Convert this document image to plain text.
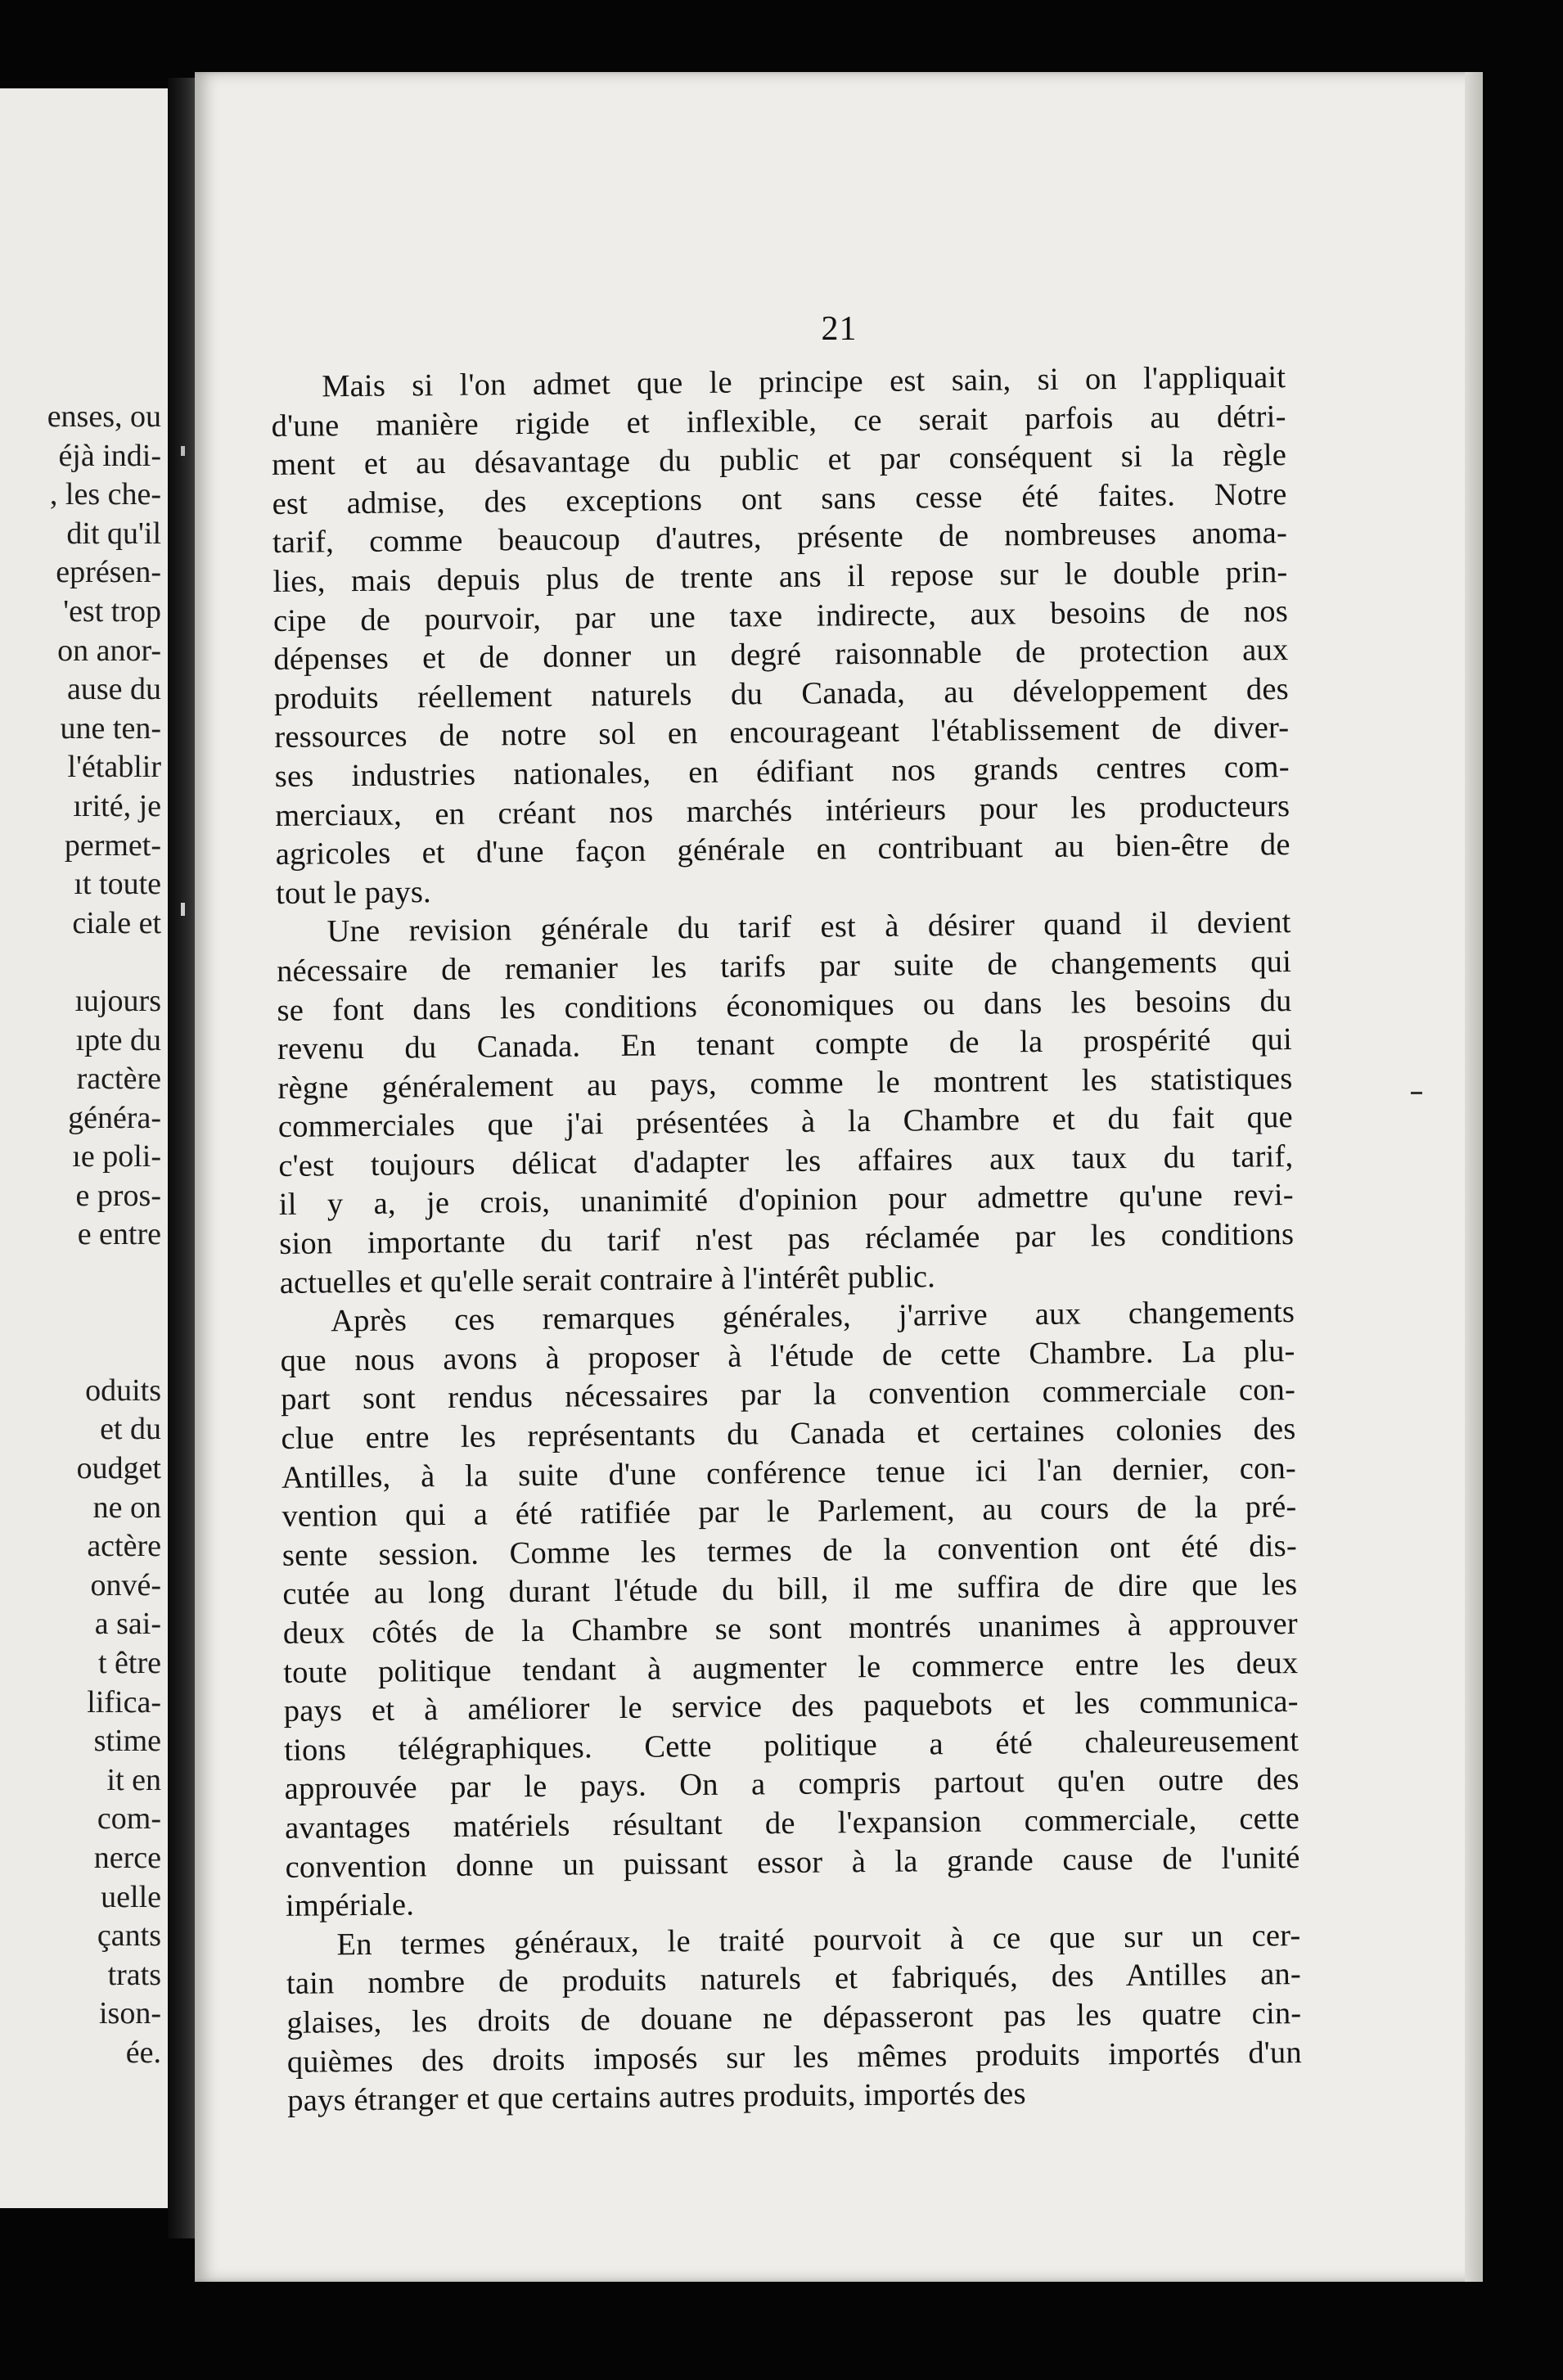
enses, ou
éjà indi-
, les che-
dit qu'il
eprésen-
'est trop
on anor-
ause du
une ten-
l'établir
ırité, je
permet-
ıt toute
ciale et
ıujours
ıpte du
ractère
généra-
ıe poli-
e pros-
e entre
oduits
et du
oudget
ne on
actère
onvé-
a sai-
t être
lifica-
stime
it en
com-
nerce
uelle
çants
trats
ison-
ée.
21
Mais si l'on admet que le principe est sain, si on l'appliquait
d'une manière rigide et inflexible, ce serait parfois au détri-
ment et au désavantage du public et par conséquent si la règle
est admise, des exceptions ont sans cesse été faites. Notre
tarif, comme beaucoup d'autres, présente de nombreuses anoma-
lies, mais depuis plus de trente ans il repose sur le double prin-
cipe de pourvoir, par une taxe indirecte, aux besoins de nos
dépenses et de donner un degré raisonnable de protection aux
produits réellement naturels du Canada, au développement des
ressources de notre sol en encourageant l'établissement de diver-
ses industries nationales, en édifiant nos grands centres com-
merciaux, en créant nos marchés intérieurs pour les producteurs
agricoles et d'une façon générale en contribuant au bien-être de
tout le pays.
Une revision générale du tarif est à désirer quand il devient
nécessaire de remanier les tarifs par suite de changements qui
se font dans les conditions économiques ou dans les besoins du
revenu du Canada. En tenant compte de la prospérité qui
règne généralement au pays, comme le montrent les statistiques
commerciales que j'ai présentées à la Chambre et du fait que
c'est toujours délicat d'adapter les affaires aux taux du tarif,
il y a, je crois, unanimité d'opinion pour admettre qu'une revi-
sion importante du tarif n'est pas réclamée par les conditions
actuelles et qu'elle serait contraire à l'intérêt public.
Après ces remarques générales, j'arrive aux changements
que nous avons à proposer à l'étude de cette Chambre. La plu-
part sont rendus nécessaires par la convention commerciale con-
clue entre les représentants du Canada et certaines colonies des
Antilles, à la suite d'une conférence tenue ici l'an dernier, con-
vention qui a été ratifiée par le Parlement, au cours de la pré-
sente session. Comme les termes de la convention ont été dis-
cutée au long durant l'étude du bill, il me suffira de dire que les
deux côtés de la Chambre se sont montrés unanimes à approuver
toute politique tendant à augmenter le commerce entre les deux
pays et à améliorer le service des paquebots et les communica-
tions télégraphiques. Cette politique a été chaleureusement
approuvée par le pays. On a compris partout qu'en outre des
avantages matériels résultant de l'expansion commerciale, cette
convention donne un puissant essor à la grande cause de l'unité
impériale.
En termes généraux, le traité pourvoit à ce que sur un cer-
tain nombre de produits naturels et fabriqués, des Antilles an-
glaises, les droits de douane ne dépasseront pas les quatre cin-
quièmes des droits imposés sur les mêmes produits importés d'un
pays étranger et que certains autres produits, importés des
